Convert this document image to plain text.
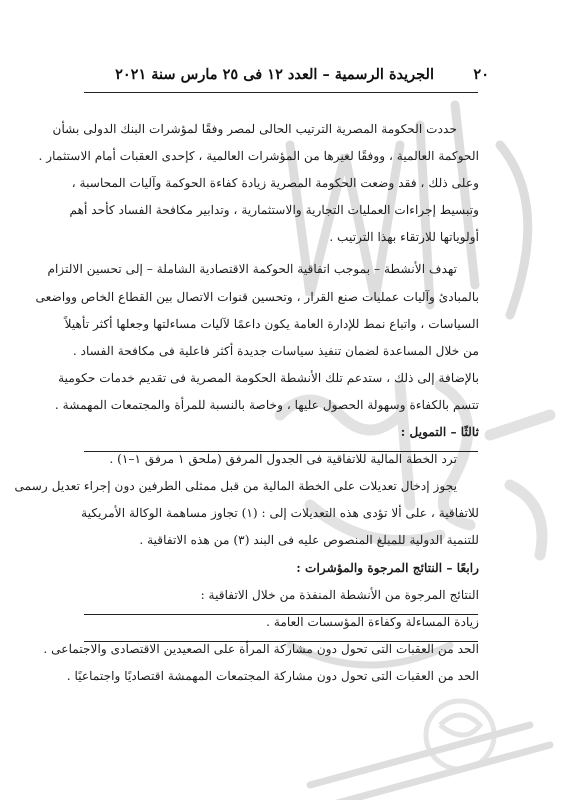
٢٠
الجريدة الرسمية – العدد ١٢ فى ٢٥ مارس سنة ٢٠٢١
حددت الحكومة المصرية الترتيب الحالى لمصر وفقًا لمؤشرات البنك الدولى بشأن
الحوكمة العالمية ، ووفقًا لغيرها من المؤشرات العالمية ، كإحدى العقبات أمام الاستثمار .
وعلى ذلك ، فقد وضعت الحكومة المصرية زيادة كفاءة الحوكمة وآليات المحاسبة ،
وتبسيط إجراءات العمليات التجارية والاستثمارية ، وتدابير مكافحة الفساد كأحد أهم
أولوياتها للارتقاء بهذا الترتيب .
تهدف الأنشطة – بموجب اتفاقية الحوكمة الاقتصادية الشاملة – إلى تحسين الالتزام
بالمبادئ وآليات عمليات صنع القرار ، وتحسين قنوات الاتصال بين القطاع الخاص وواضعى
السياسات ، واتباع نمط للإدارة العامة يكون داعمًا لآليات مساءلتها وجعلها أكثر تأهيلاً
من خلال المساعدة لضمان تنفيذ سياسات جديدة أكثر فاعلية فى مكافحة الفساد .
بالإضافة إلى ذلك ، ستدعم تلك الأنشطة الحكومة المصرية فى تقديم خدمات حكومية
تتسم بالكفاءة وسهولة الحصول عليها ، وخاصة بالنسبة للمرأة والمجتمعات المهمشة .
ثالثًا – التمويل :
ترد الخطة المالية للاتفاقية فى الجدول المرفق (ملحق ١ مرفق ١–١) .
يجوز إدخال تعديلات على الخطة المالية من قبل ممثلى الطرفين دون إجراء تعديل رسمى
للاتفاقية ، على ألا تؤدى هذه التعديلات إلى : (١) تجاوز مساهمة الوكالة الأمريكية
للتنمية الدولية للمبلغ المنصوص عليه فى البند (٣) من هذه الاتفاقية .
رابعًا – النتائج المرجوة والمؤشرات :
النتائج المرجوة من الأنشطة المنفذة من خلال الاتفاقية :
زيادة المساءلة وكفاءة المؤسسات العامة .
الحد من العقبات التى تحول دون مشاركة المرأة على الصعيدين الاقتصادى والاجتماعى .
الحد من العقبات التى تحول دون مشاركة المجتمعات المهمشة اقتصاديًا واجتماعيًا .
